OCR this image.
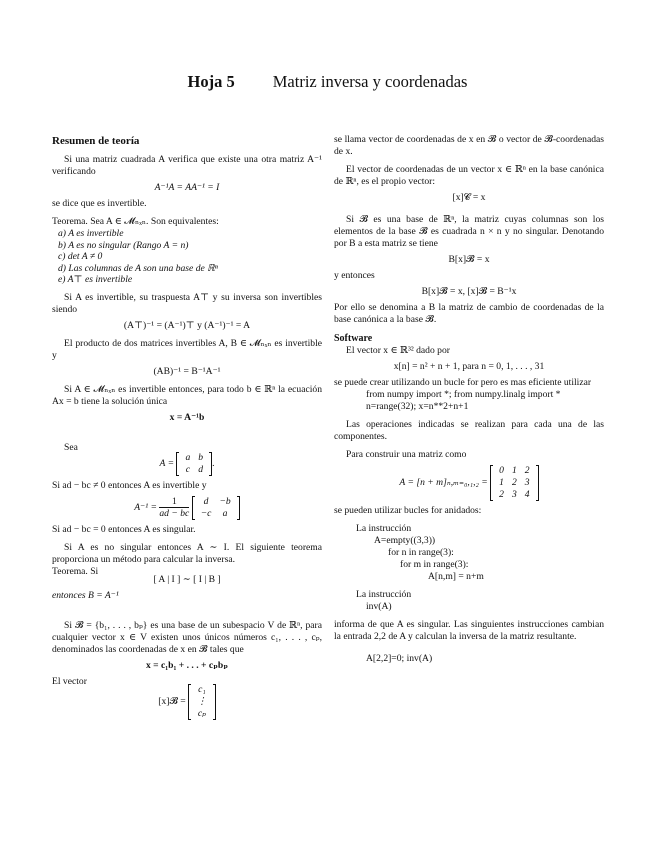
Hoja 5 Matriz inversa y coordenadas
Resumen de teoría

Si una matriz cuadrada A verifica que existe una otra matriz A⁻¹ verificando

A⁻¹A = AA⁻¹ = I

se dice que es invertible.

Teorema. Sea A ∈ 𝓜ₙₓₙ. Son equivalentes:

a) A es invertible
b) A es no singular (Rango A = n)
c) det A ≠ 0
d) Las columnas de A son una base de ℝⁿ
e) A⊤ es invertible

Si A es invertible, su traspuesta A⊤ y su inversa son invertibles siendo

(A⊤)⁻¹ = (A⁻¹)⊤ y (A⁻¹)⁻¹ = A

El producto de dos matrices invertibles A, B ∈ 𝓜ₙₓₙ es invertible y

(AB)⁻¹ = B⁻¹A⁻¹

Si A ∈ 𝓜ₙₓₙ es invertible entonces, para todo b ∈ ℝⁿ la ecuación Ax = b tiene la solución única

x = A⁻¹b

Sea

A =
a	b
c	d
.

Si ad − bc ≠ 0 entonces A es invertible y

$A^{-1} = \frac{1}{ad - bc}$
d	−b
−c	a

Si ad − bc = 0 entonces A es singular.

Si A es no singular entonces A ∼ I. El siguiente teorema proporciona un método para calcular la inversa.

Teorema. Si

[ A | I ] ∼ [ I | B ]

entonces B = A⁻¹

Si 𝓑 = {b₁, . . . , bₚ} es una base de un subespacio V de ℝⁿ, para cualquier vector x ∈ V existen unos únicos números c₁, . . . , cₚ, denominados las coordenadas de x en 𝓑 tales que

x = c₁b₁ + . . . + cₚbₚ

El vector

[x]𝓑 =
c₁
⋮
cₚ

se llama vector de coordenadas de x en 𝓑 o vector de 𝓑-coordenadas de x.

El vector de coordenadas de un vector x ∈ ℝⁿ en la base canónica de ℝⁿ, es el propio vector:

[x]𝓒 = x

Si 𝓑 es una base de ℝⁿ, la matriz cuyas columnas son los elementos de la base 𝓑 es cuadrada n × n y no singular. Denotando por B a esta matriz se tiene

B[x]𝓑 = x

y entonces

B[x]𝓑 = x, [x]𝓑 = B⁻¹x

Por ello se denomina a B la matriz de cambio de coordenadas de la base canónica a la base 𝓑.

Software

El vector x ∈ ℝ³² dado por

x[n] = n² + n + 1, para n = 0, 1, . . . , 31

se puede crear utilizando un bucle for pero es mas eficiente utilizar

from numpy import *; from numpy.linalg import *
n=range(32); x=n**2+n+1

Las operaciones indicadas se realizan para cada una de las componentes.

Para construir una matriz como

A = [n + m]ₙ,ₘ₌₀,₁,₂ =
0	1	2
1	2	3
2	3	4

se pueden utilizar bucles for anidados:

La instrucción

A=empty((3,3))
for n in range(3):
for m in range(3):
A[n,m] = n+m

La instrucción

inv(A)

informa de que A es singular. Las singuientes instrucciones cambian la entrada 2,2 de A y calculan la inversa de la matriz resultante.

A[2,2]=0; inv(A)
